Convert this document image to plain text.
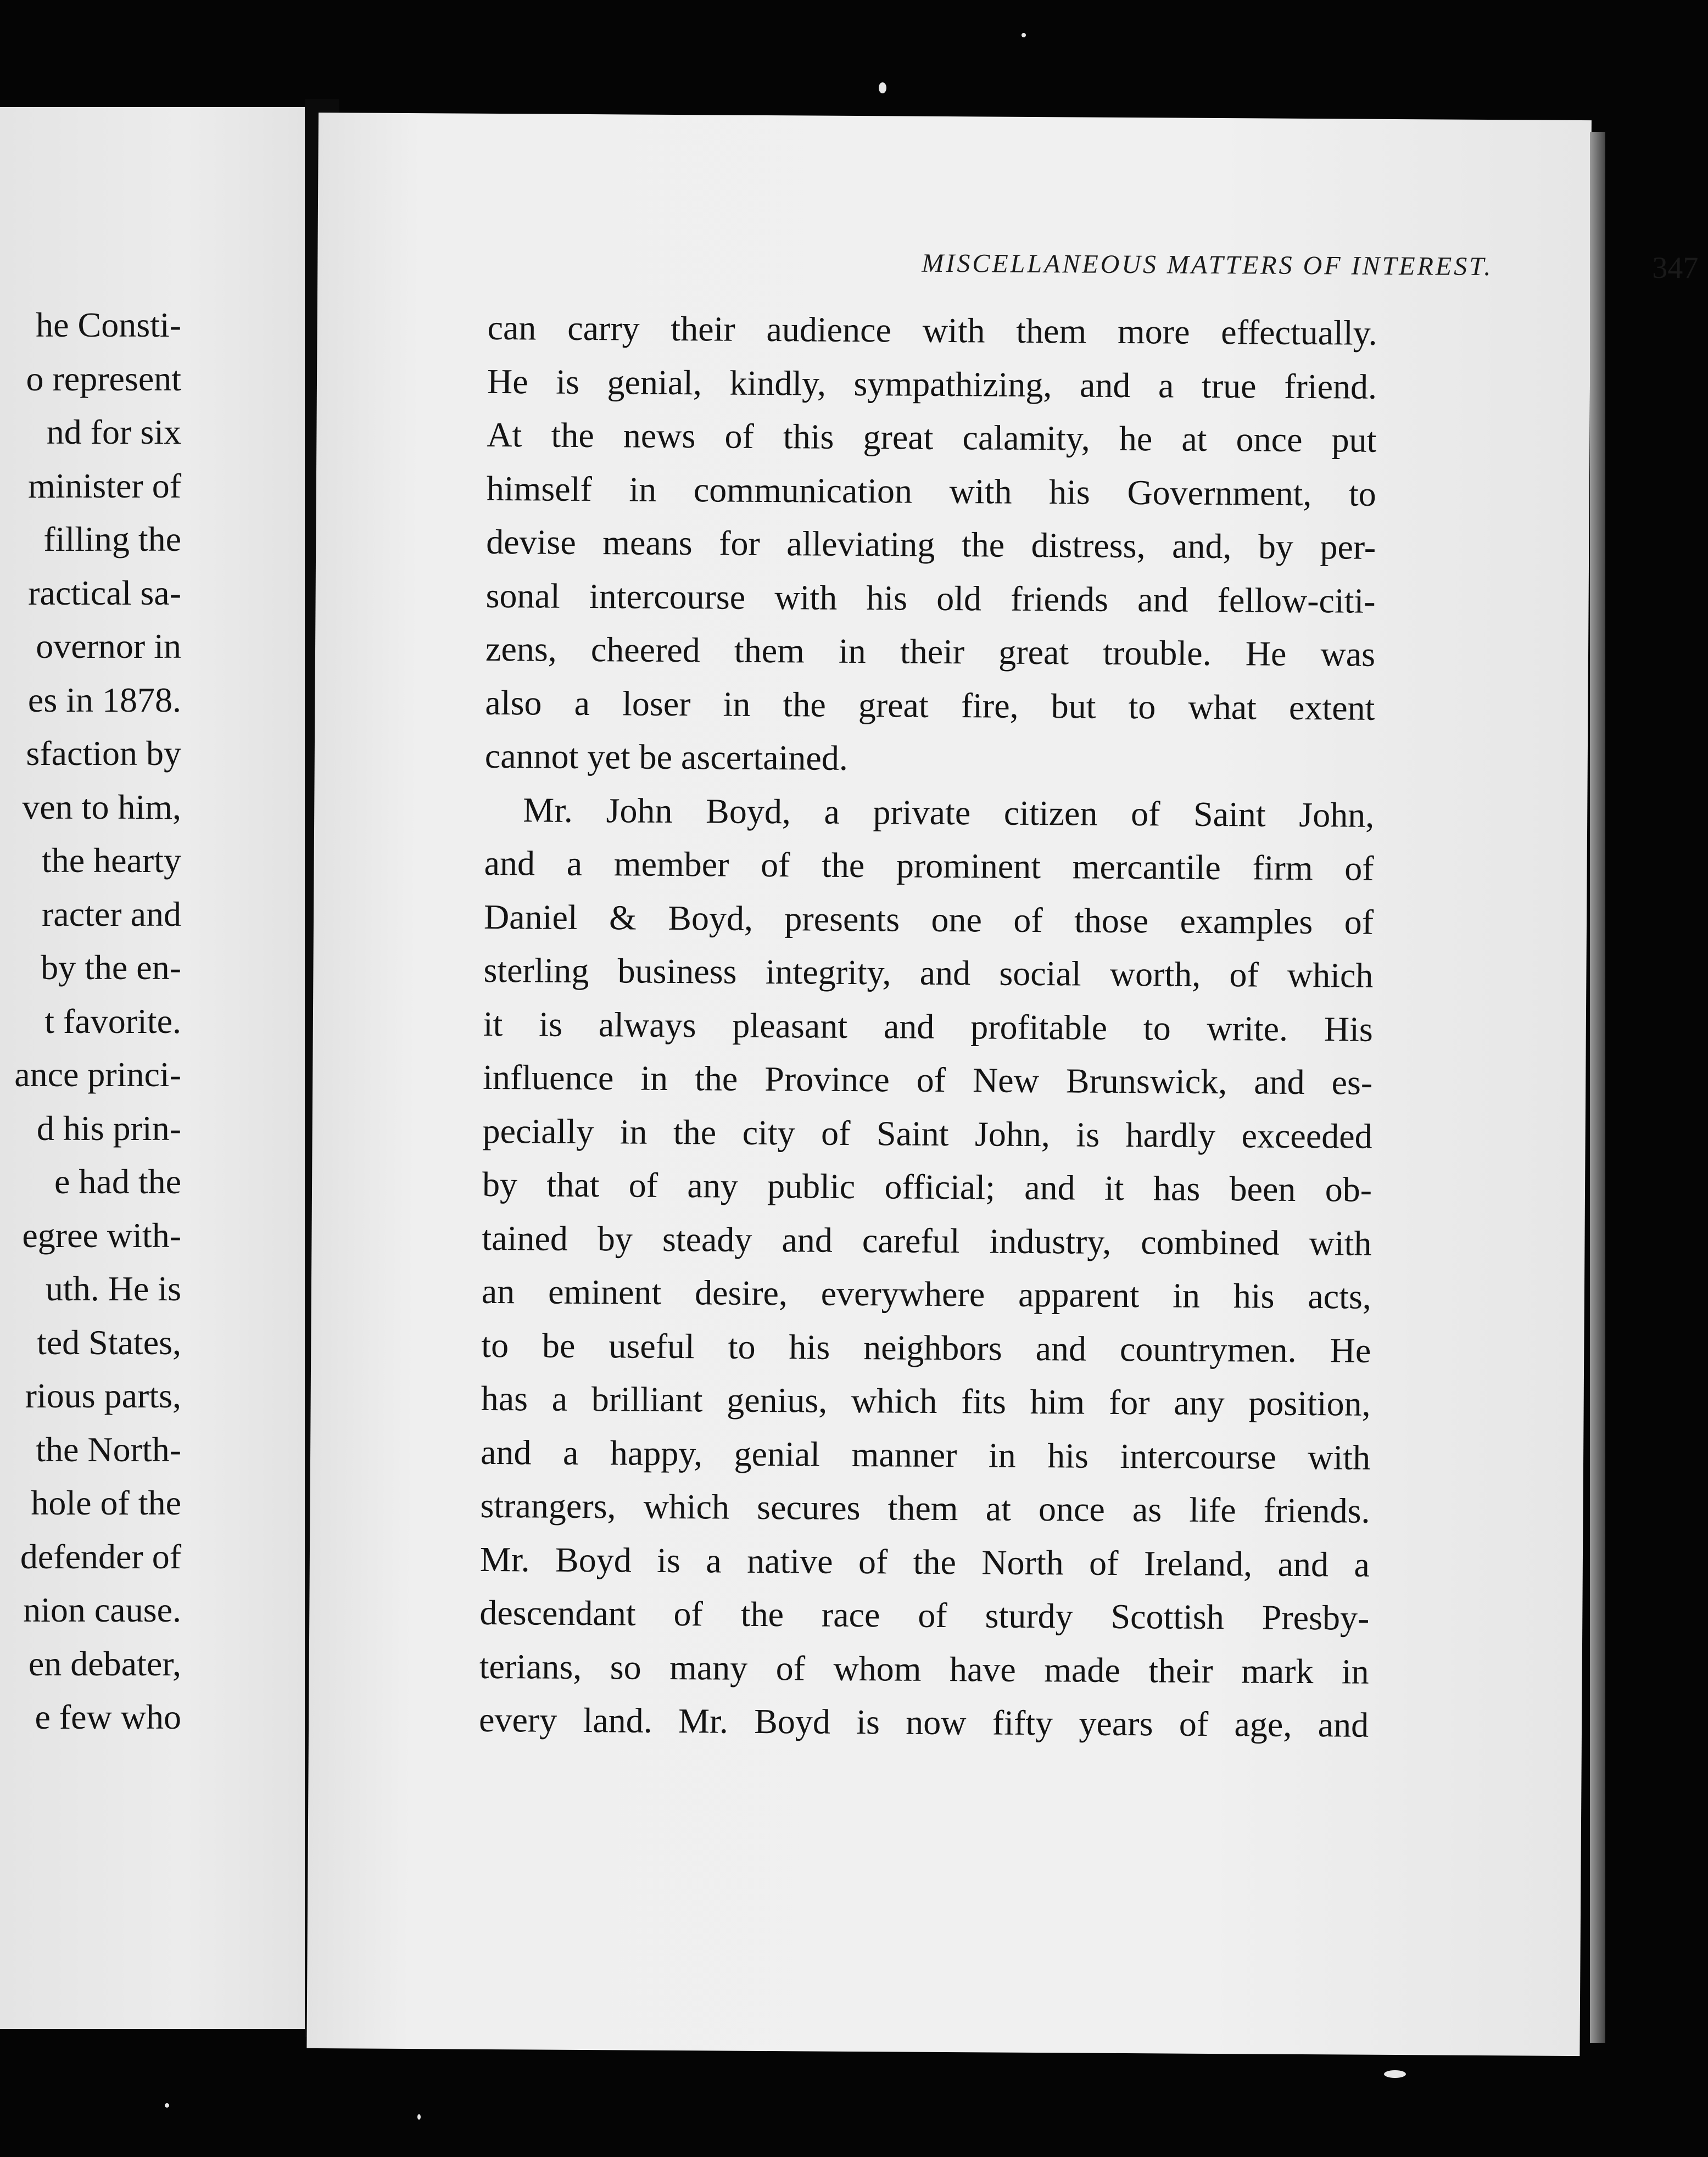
he Consti-
o represent
nd for six
minister of
filling the
ractical sa-
overnor in
es in 1878.
sfaction by
ven to him,
the hearty
racter and
by the en-
t favorite.
ance princi-
d his prin-
e had the
egree with-
uth. He is
ted States,
rious parts,
the North-
hole of the
defender of
nion cause.
en debater,
e few who
MISCELLANEOUS MATTERS OF INTEREST.	347
can carry their audience with them more effectually.
He is genial, kindly, sympathizing, and a true friend.
At the news of this great calamity, he at once put
himself in communication with his Government, to
devise means for alleviating the distress, and, by per-
sonal intercourse with his old friends and fellow-citi-
zens, cheered them in their great trouble. He was
also a loser in the great fire, but to what extent
cannot yet be ascertained.
Mr. John Boyd, a private citizen of Saint John,
and a member of the prominent mercantile firm of
Daniel & Boyd, presents one of those examples of
sterling business integrity, and social worth, of which
it is always pleasant and profitable to write. His
influence in the Province of New Brunswick, and es-
pecially in the city of Saint John, is hardly exceeded
by that of any public official; and it has been ob-
tained by steady and careful industry, combined with
an eminent desire, everywhere apparent in his acts,
to be useful to his neighbors and countrymen. He
has a brilliant genius, which fits him for any position,
and a happy, genial manner in his intercourse with
strangers, which secures them at once as life friends.
Mr. Boyd is a native of the North of Ireland, and a
descendant of the race of sturdy Scottish Presby-
terians, so many of whom have made their mark in
every land. Mr. Boyd is now fifty years of age, and
